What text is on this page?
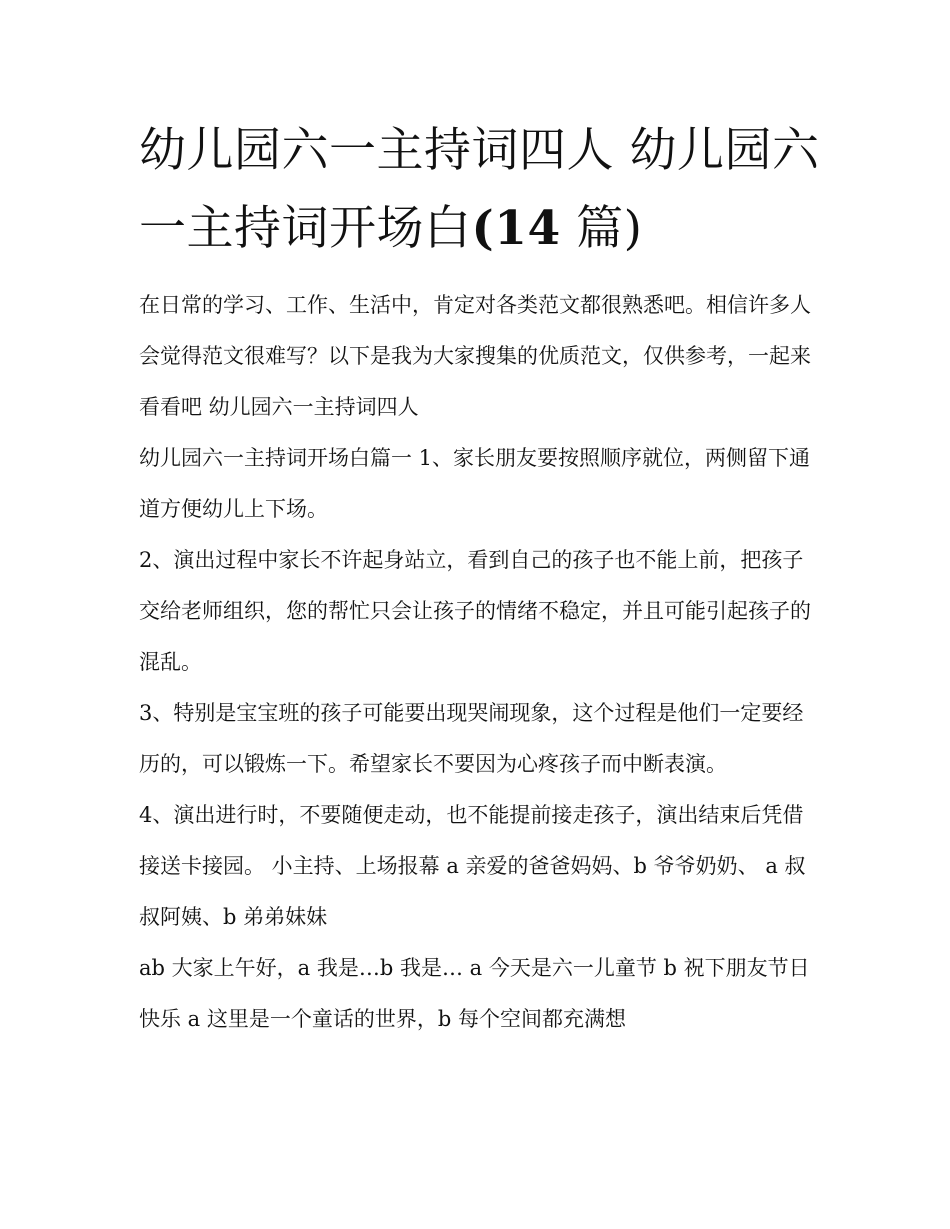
幼儿园六一主持词四人 幼儿园六一主持词开场白(14 篇)

在日常的学习、工作、生活中，肯定对各类范文都很熟悉吧。相信许多人会觉得范文很难写？以下是我为大家搜集的优质范文，仅供参考，一起来看看吧 幼儿园六一主持词四人

幼儿园六一主持词开场白篇一 1、家长朋友要按照顺序就位，两侧留下通道方便幼儿上下场。

2、演出过程中家长不许起身站立，看到自己的孩子也不能上前，把孩子交给老师组织，您的帮忙只会让孩子的情绪不稳定，并且可能引起孩子的混乱。

3、特别是宝宝班的孩子可能要出现哭闹现象，这个过程是他们一定要经历的，可以锻炼一下。希望家长不要因为心疼孩子而中断表演。

4、演出进行时，不要随便走动，也不能提前接走孩子，演出结束后凭借接送卡接园。 小主持、上场报幕 a 亲爱的爸爸妈妈、b 爷爷奶奶、 a 叔叔阿姨、b 弟弟妹妹

ab 大家上午好，a 我是…b 我是… a 今天是六一儿童节 b 祝下朋友节日快乐 a 这里是一个童话的世界，b 每个空间都充满想
